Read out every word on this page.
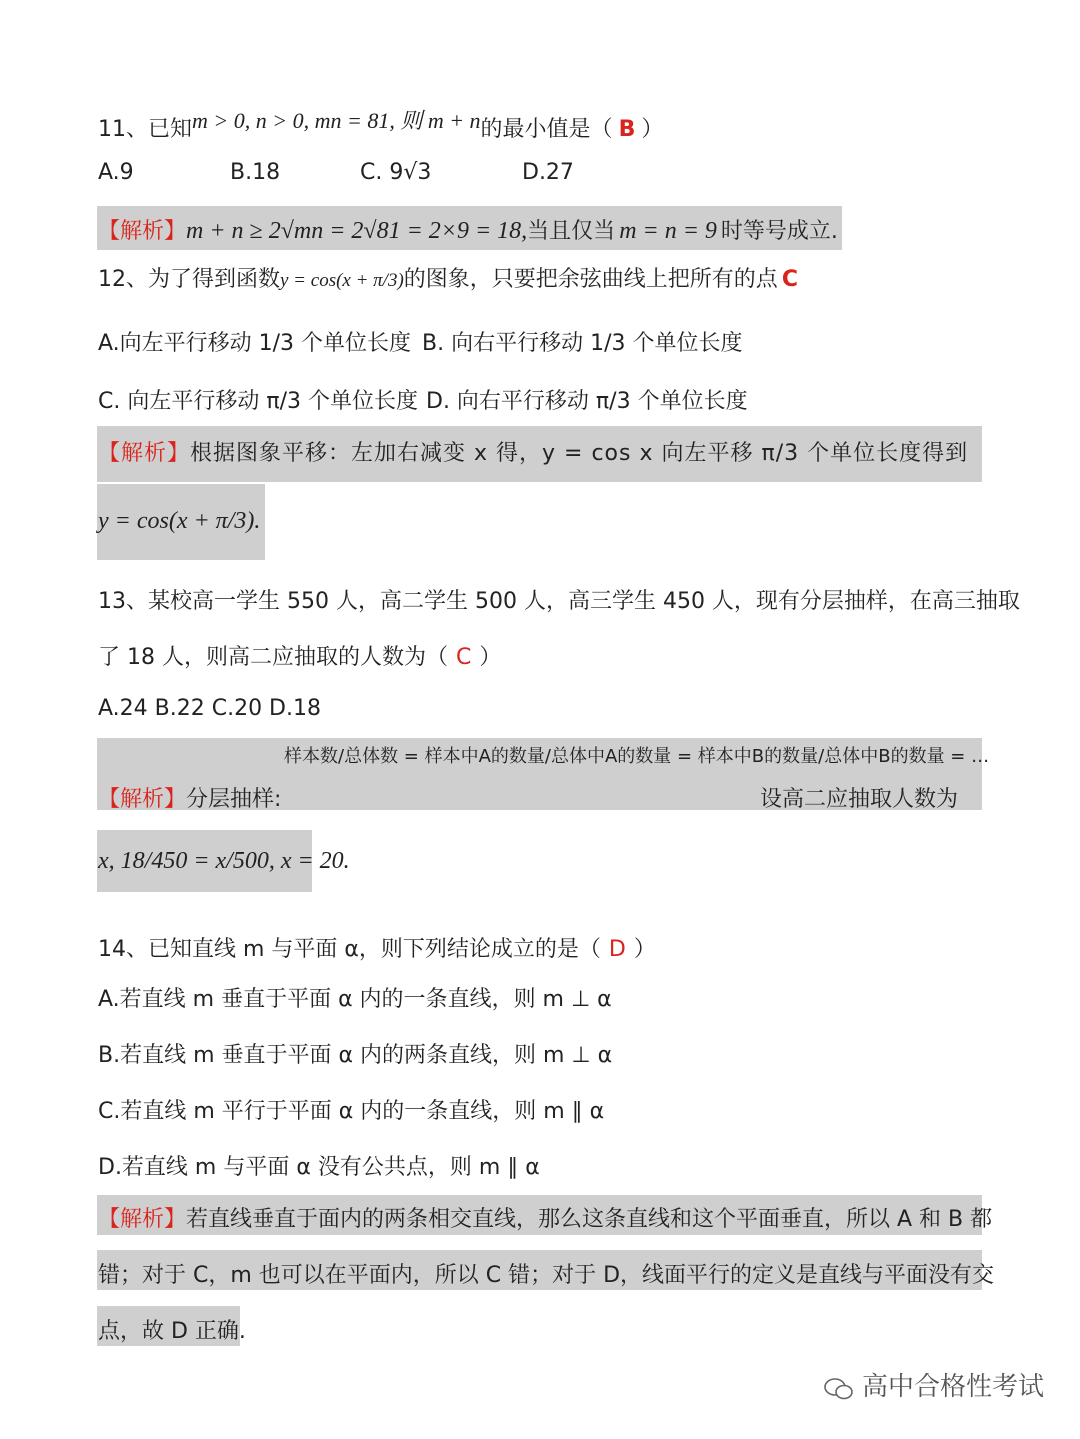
11、已知m > 0, n > 0, mn = 81, 则 m + n的最小值是（ B ）
A.9	B.18	C. 9√3	D.27
【解析】m + n ≥ 2√mn = 2√81 = 2×9 = 18,当且仅当 m = n = 9 时等号成立.
12、为了得到函数y = cos(x + π/3)的图象，只要把余弦曲线上把所有的点 C
A.向左平行移动 1/3 个单位长度 B. 向右平行移动 1/3 个单位长度
C. 向左平行移动 π/3 个单位长度 D. 向右平行移动 π/3 个单位长度
【解析】根据图象平移：左加右减变 x 得，y = cos x 向左平移 π/3 个单位长度得到
y = cos(x + π/3).
13、某校高一学生 550 人，高二学生 500 人，高三学生 450 人，现有分层抽样，在高三抽取
了 18 人，则高二应抽取的人数为（ C ）
A.24 B.22 C.20 D.18
【解析】分层抽样:
样本数/总体数 = 样本中A的数量/总体中A的数量 = 样本中B的数量/总体中B的数量 = …
设高二应抽取人数为
x, 18/450 = x/500, x = 20.
14、已知直线 m 与平面 α，则下列结论成立的是（ D ）
A.若直线 m 垂直于平面 α 内的一条直线，则 m ⊥ α
B.若直线 m 垂直于平面 α 内的两条直线，则 m ⊥ α
C.若直线 m 平行于平面 α 内的一条直线，则 m ∥ α
D.若直线 m 与平面 α 没有公共点，则 m ∥ α
【解析】若直线垂直于面内的两条相交直线，那么这条直线和这个平面垂直，所以 A 和 B 都
错；对于 C，m 也可以在平面内，所以 C 错；对于 D，线面平行的定义是直线与平面没有交
点，故 D 正确.
高中合格性考试
